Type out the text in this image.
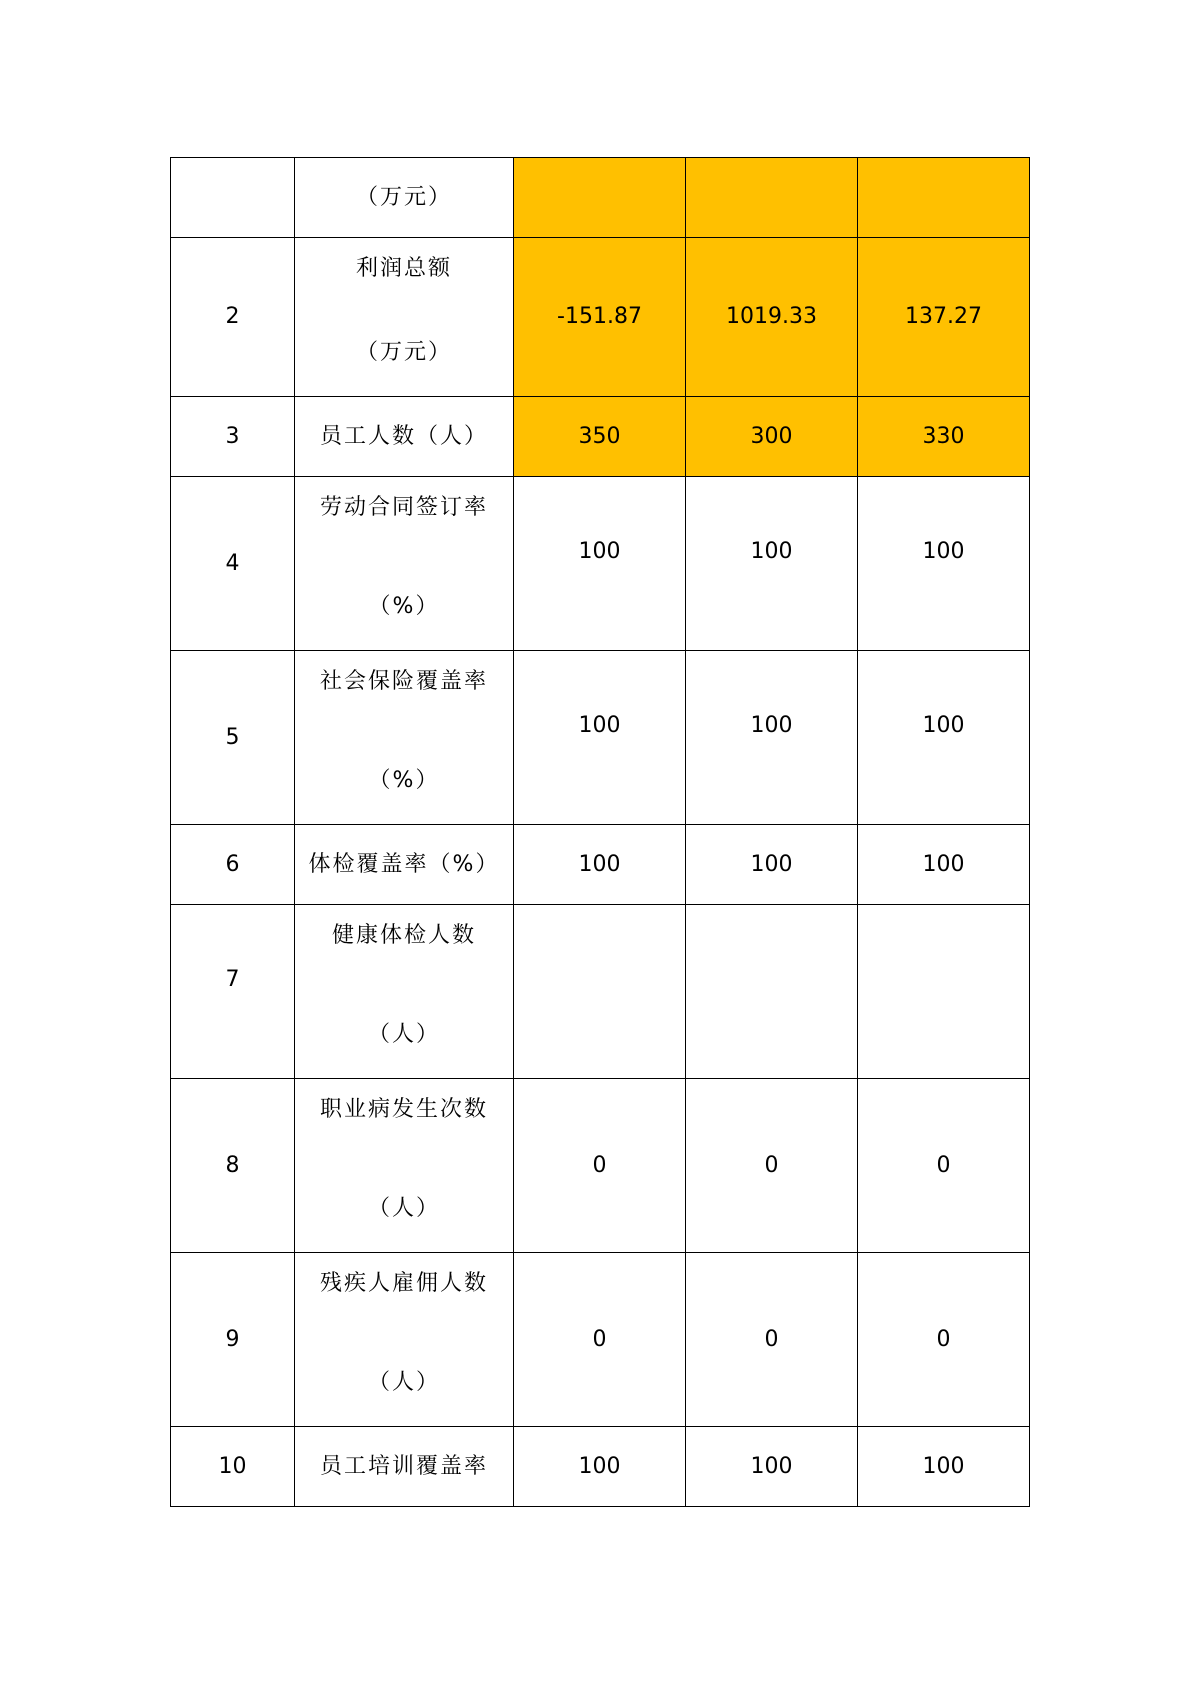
	（万元）			
2	利润总额
（万元）	-151.87	1019.33	137.27
3	员工人数（人）	350	300	330
4	劳动合同签订率
（%）	100	100	100
5	社会保险覆盖率
（%）	100	100	100
6	体检覆盖率（%）	100	100	100
7	健康体检人数
（人）			

8	职业病发生次数
（人）	0	0	0
9	残疾人雇佣人数
（人）	0	0	0
10	员工培训覆盖率	100	100	100
